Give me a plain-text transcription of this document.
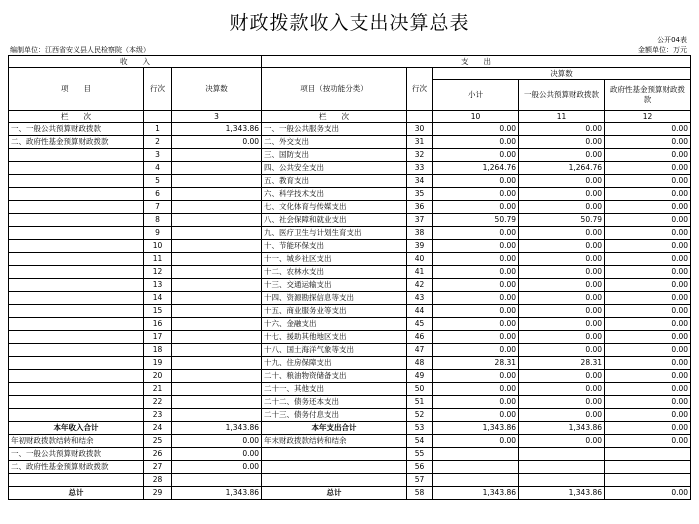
财政拨款收入支出决算总表
公开04表
编制单位：江西省安义县人民检察院（本级）	金额单位：万元
收　　入			支　　出				
项　　目	行次	决算数	项目（按功能分类）	行次	决算数		
					小计	一般公共预算财政拨款	政府性基金预算财政拨款
栏　　次		3	栏　　次		10	11	12
一、一般公共预算财政拨款	1	1,343.86	一、一般公共服务支出	30	0.00	0.00	0.00
二、政府性基金预算财政拨款	2	0.00	二、外交支出	31	0.00	0.00	0.00
	3		三、国防支出	32	0.00	0.00	0.00
	4		四、公共安全支出	33	1,264.76	1,264.76	0.00
	5		五、教育支出	34	0.00	0.00	0.00
	6		六、科学技术支出	35	0.00	0.00	0.00
	7		七、文化体育与传媒支出	36	0.00	0.00	0.00
	8		八、社会保障和就业支出	37	50.79	50.79	0.00
	9		九、医疗卫生与计划生育支出	38	0.00	0.00	0.00
	10		十、节能环保支出	39	0.00	0.00	0.00
	11		十一、城乡社区支出	40	0.00	0.00	0.00
	12		十二、农林水支出	41	0.00	0.00	0.00
	13		十三、交通运输支出	42	0.00	0.00	0.00
	14		十四、资源勘探信息等支出	43	0.00	0.00	0.00
	15		十五、商业服务业等支出	44	0.00	0.00	0.00
	16		十六、金融支出	45	0.00	0.00	0.00
	17		十七、援助其他地区支出	46	0.00	0.00	0.00
	18		十八、国土海洋气象等支出	47	0.00	0.00	0.00
	19		十九、住房保障支出	48	28.31	28.31	0.00
	20		二十、粮油物资储备支出	49	0.00	0.00	0.00
	21		二十一、其他支出	50	0.00	0.00	0.00
	22		二十二、债务还本支出	51	0.00	0.00	0.00
	23		二十三、债务付息支出	52	0.00	0.00	0.00
本年收入合计	24	1,343.86	本年支出合计	53	1,343.86	1,343.86	0.00
年初财政拨款结转和结余	25	0.00	年末财政拨款结转和结余	54	0.00	0.00	0.00
一、一般公共预算财政拨款	26	0.00		55			
二、政府性基金预算财政拨款	27	0.00		56			
	28			57			
总计	29	1,343.86	总计	58	1,343.86	1,343.86	0.00
